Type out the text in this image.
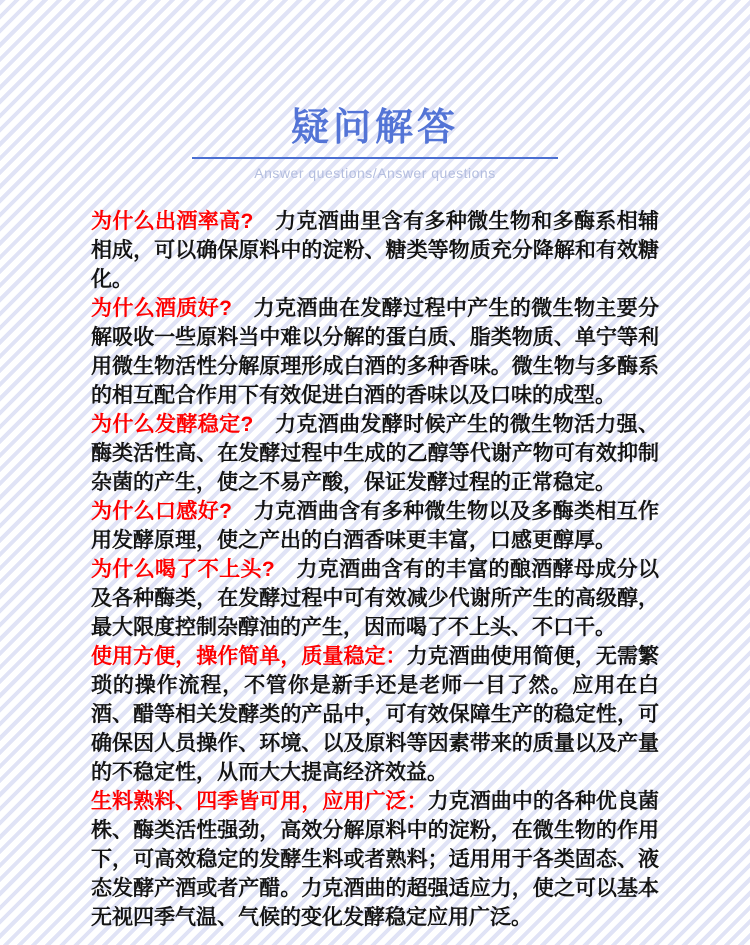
疑问解答
Answer questions/Answer questions

为什么出酒率高?　力克酒曲里含有多种微生物和多酶系相辅相成，可以确保原料中的淀粉、糖类等物质充分降解和有效糖化。

为什么酒质好?　力克酒曲在发酵过程中产生的微生物主要分解吸收一些原料当中难以分解的蛋白质、脂类物质、单宁等利用微生物活性分解原理形成白酒的多种香味。微生物与多酶系的相互配合作用下有效促进白酒的香味以及口味的成型。

为什么发酵稳定?　力克酒曲发酵时候产生的微生物活力强、酶类活性高、在发酵过程中生成的乙醇等代谢产物可有效抑制杂菌的产生，使之不易产酸，保证发酵过程的正常稳定。

为什么口感好?　力克酒曲含有多种微生物以及多酶类相互作用发酵原理，使之产出的白酒香味更丰富，口感更醇厚。

为什么喝了不上头?　力克酒曲含有的丰富的酿酒酵母成分以及各种酶类，在发酵过程中可有效减少代谢所产生的高级醇，最大限度控制杂醇油的产生，因而喝了不上头、不口干。

使用方便，操作简单，质量稳定：力克酒曲使用简便，无需繁琐的操作流程，不管你是新手还是老师一目了然。应用在白酒、醋等相关发酵类的产品中，可有效保障生产的稳定性，可确保因人员操作、环境、以及原料等因素带来的质量以及产量的不稳定性，从而大大提高经济效益。

生料熟料、四季皆可用，应用广泛：力克酒曲中的各种优良菌株、酶类活性强劲，高效分解原料中的淀粉，在微生物的作用下，可高效稳定的发酵生料或者熟料；适用用于各类固态、液态发酵产酒或者产醋。力克酒曲的超强适应力，使之可以基本无视四季气温、气候的变化发酵稳定应用广泛。
